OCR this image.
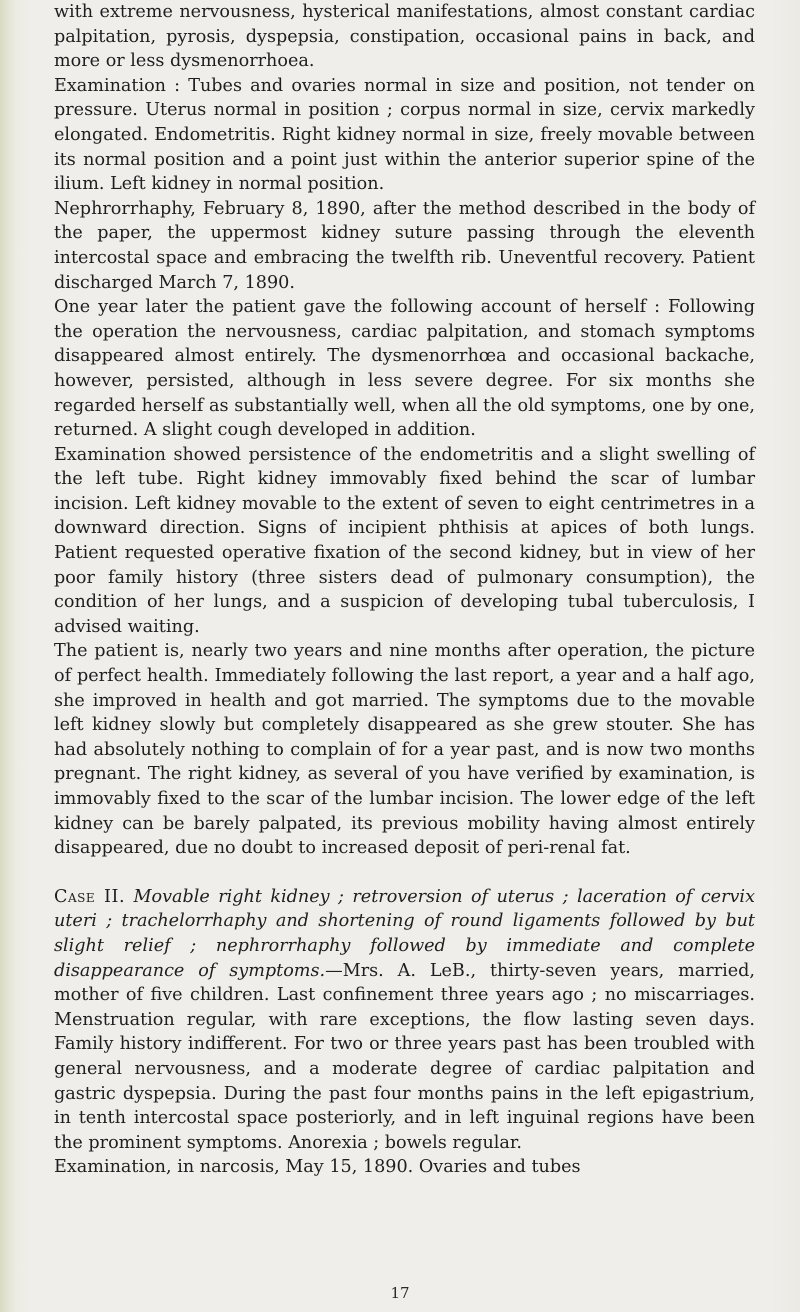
with extreme nervousness, hysterical manifestations, almost constant cardiac palpitation, pyrosis, dyspepsia, constipation, occasional pains in back, and more or less dysmenorrhoea.

Examination : Tubes and ovaries normal in size and position, not tender on pressure. Uterus normal in position ; corpus normal in size, cervix markedly elongated. Endometritis. Right kidney normal in size, freely movable between its normal position and a point just within the anterior superior spine of the ilium. Left kidney in normal position.

Nephrorrhaphy, February 8, 1890, after the method described in the body of the paper, the uppermost kidney suture passing through the eleventh intercostal space and embracing the twelfth rib. Uneventful recovery. Patient discharged March 7, 1890.

One year later the patient gave the following account of herself : Following the operation the nervousness, cardiac palpitation, and stomach symptoms disappeared almost entirely. The dysmenorrhœa and occasional backache, however, persisted, although in less severe degree. For six months she regarded herself as substantially well, when all the old symptoms, one by one, returned. A slight cough developed in addition.

Examination showed persistence of the endometritis and a slight swelling of the left tube. Right kidney immovably fixed behind the scar of lumbar incision. Left kidney movable to the extent of seven to eight centrimetres in a downward direction. Signs of incipient phthisis at apices of both lungs. Patient requested operative fixation of the second kidney, but in view of her poor family history (three sisters dead of pulmonary consumption), the condition of her lungs, and a suspicion of developing tubal tuberculosis, I advised waiting.

The patient is, nearly two years and nine months after operation, the picture of perfect health. Immediately following the last report, a year and a half ago, she improved in health and got married. The symptoms due to the movable left kidney slowly but completely disappeared as she grew stouter. She has had absolutely nothing to complain of for a year past, and is now two months pregnant. The right kidney, as several of you have verified by examination, is immovably fixed to the scar of the lumbar incision. The lower edge of the left kidney can be barely palpated, its previous mobility having almost entirely disappeared, due no doubt to increased deposit of peri-renal fat.

Case II. Movable right kidney ; retroversion of uterus ; laceration of cervix uteri ; trachelorrhaphy and shortening of round ligaments followed by but slight relief ; nephrorrhaphy followed by immediate and complete disappearance of symptoms.—Mrs. A. LeB., thirty-seven years, married, mother of five children. Last confinement three years ago ; no miscarriages. Menstruation regular, with rare exceptions, the flow lasting seven days. Family history indifferent. For two or three years past has been troubled with general nervousness, and a moderate degree of cardiac palpitation and gastric dyspepsia. During the past four months pains in the left epigastrium, in tenth intercostal space posteriorly, and in left inguinal regions have been the prominent symptoms. Anorexia ; bowels regular.

Examination, in narcosis, May 15, 1890. Ovaries and tubes

17
